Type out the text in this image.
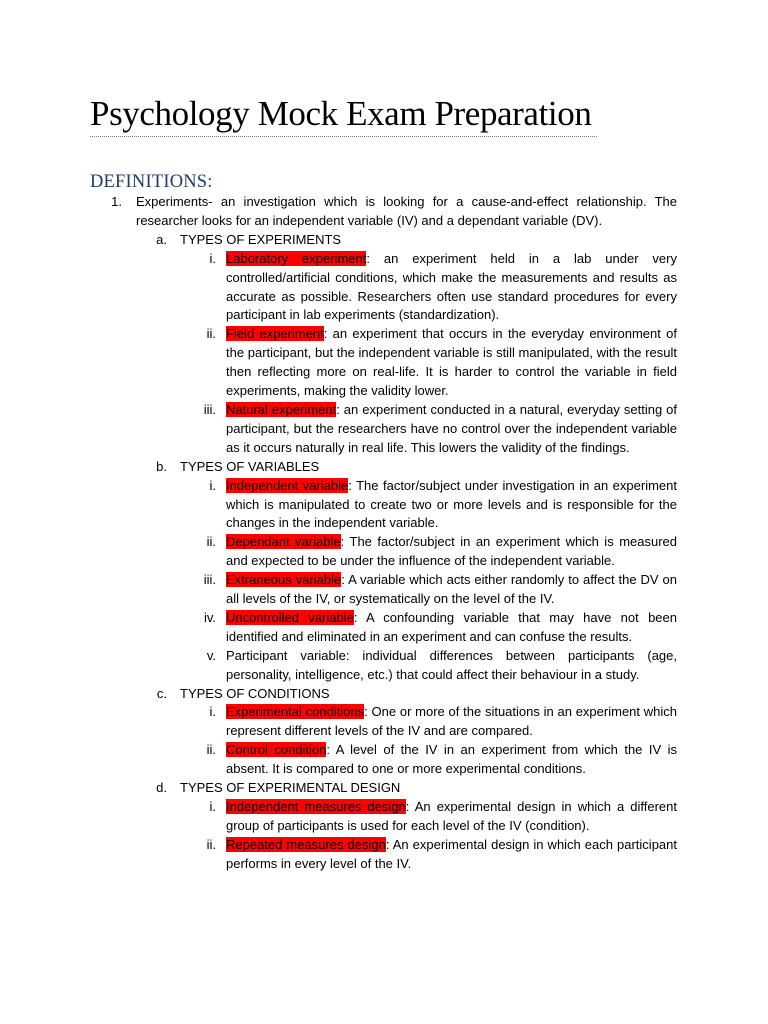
Psychology Mock Exam Preparation
DEFINITIONS:
1. Experiments- an investigation which is looking for a cause-and-effect relationship. The researcher looks for an independent variable (IV) and a dependant variable (DV).
a. TYPES OF EXPERIMENTS
i. Laboratory experiment: an experiment held in a lab under very controlled/artificial conditions, which make the measurements and results as accurate as possible. Researchers often use standard procedures for every participant in lab experiments (standardization).
ii. Field experiment: an experiment that occurs in the everyday environment of the participant, but the independent variable is still manipulated, with the result then reflecting more on real-life. It is harder to control the variable in field experiments, making the validity lower.
iii. Natural experiment: an experiment conducted in a natural, everyday setting of participant, but the researchers have no control over the independent variable as it occurs naturally in real life. This lowers the validity of the findings.
b. TYPES OF VARIABLES
i. Independent variable: The factor/subject under investigation in an experiment which is manipulated to create two or more levels and is responsible for the changes in the independent variable.
ii. Dependant variable: The factor/subject in an experiment which is measured and expected to be under the influence of the independent variable.
iii. Extraneous variable: A variable which acts either randomly to affect the DV on all levels of the IV, or systematically on the level of the IV.
iv. Uncontrolled variable: A confounding variable that may have not been identified and eliminated in an experiment and can confuse the results.
v. Participant variable: individual differences between participants (age, personality, intelligence, etc.) that could affect their behaviour in a study.
c. TYPES OF CONDITIONS
i. Experimental conditions: One or more of the situations in an experiment which represent different levels of the IV and are compared.
ii. Control condition: A level of the IV in an experiment from which the IV is absent. It is compared to one or more experimental conditions.
d. TYPES OF EXPERIMENTAL DESIGN
i. Independent measures design: An experimental design in which a different group of participants is used for each level of the IV (condition).
ii. Repeated measures design: An experimental design in which each participant performs in every level of the IV.
